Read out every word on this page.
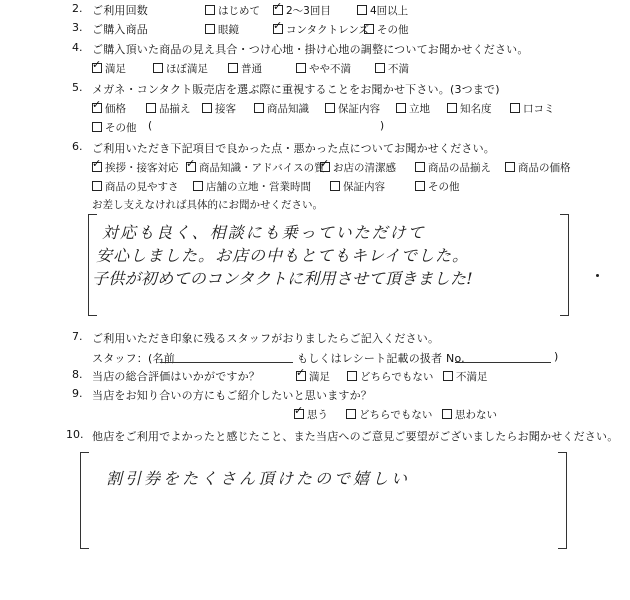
2. ご利用回数	はじめて ✓	2～3回目	4回以上
3. ご購入商品	眼鏡 ✓	コンタクトレンズ その他
4. ご購入頂いた商品の見え具合・つけ心地・掛け心地の調整についてお聞かせください。
✓満足	ほぼ満足	普通	やや不満	不満
5. メガネ・コンタクト販売店を選ぶ際に重視することをお聞かせ下さい。(3つまで)
✓価格	品揃え	接客	商品知識	保証内容	立地	知名度	口コミ
その他 (	)
6. ご利用いただき下記項目で良かった点・悪かった点についてお聞かせください。
✓挨拶・接客対応 ✓	商品知識・アドバイスの質 ✓ お店の清潔感	商品の品揃え	商品の価格
商品の見やすさ	店舗の立地・営業時間	保証内容	その他
お差し支えなければ具体的にお聞かせください。
対応も良く、相談にも乗っていただけて
安心しました。お店の中もとてもキレイでした。
子供が初めてのコンタクトに利用させて頂きました!
7. ご利用いただき印象に残るスタッフがおりましたらご記入ください。
スタッフ：(名前	もしくはレシート記載の扱者 No.	)
8. 当店の総合評価はいかがですか？ ✓	満足	どちらでもない	不満足
9. 当店をお知り合いの方にもご紹介したいと思いますか？
✓思う	どちらでもない	思わない
10. 他店をご利用でよかったと感じたこと、また当店へのご意見ご要望がございましたらお聞かせください。
割引券をたくさん頂けたので嬉しい
